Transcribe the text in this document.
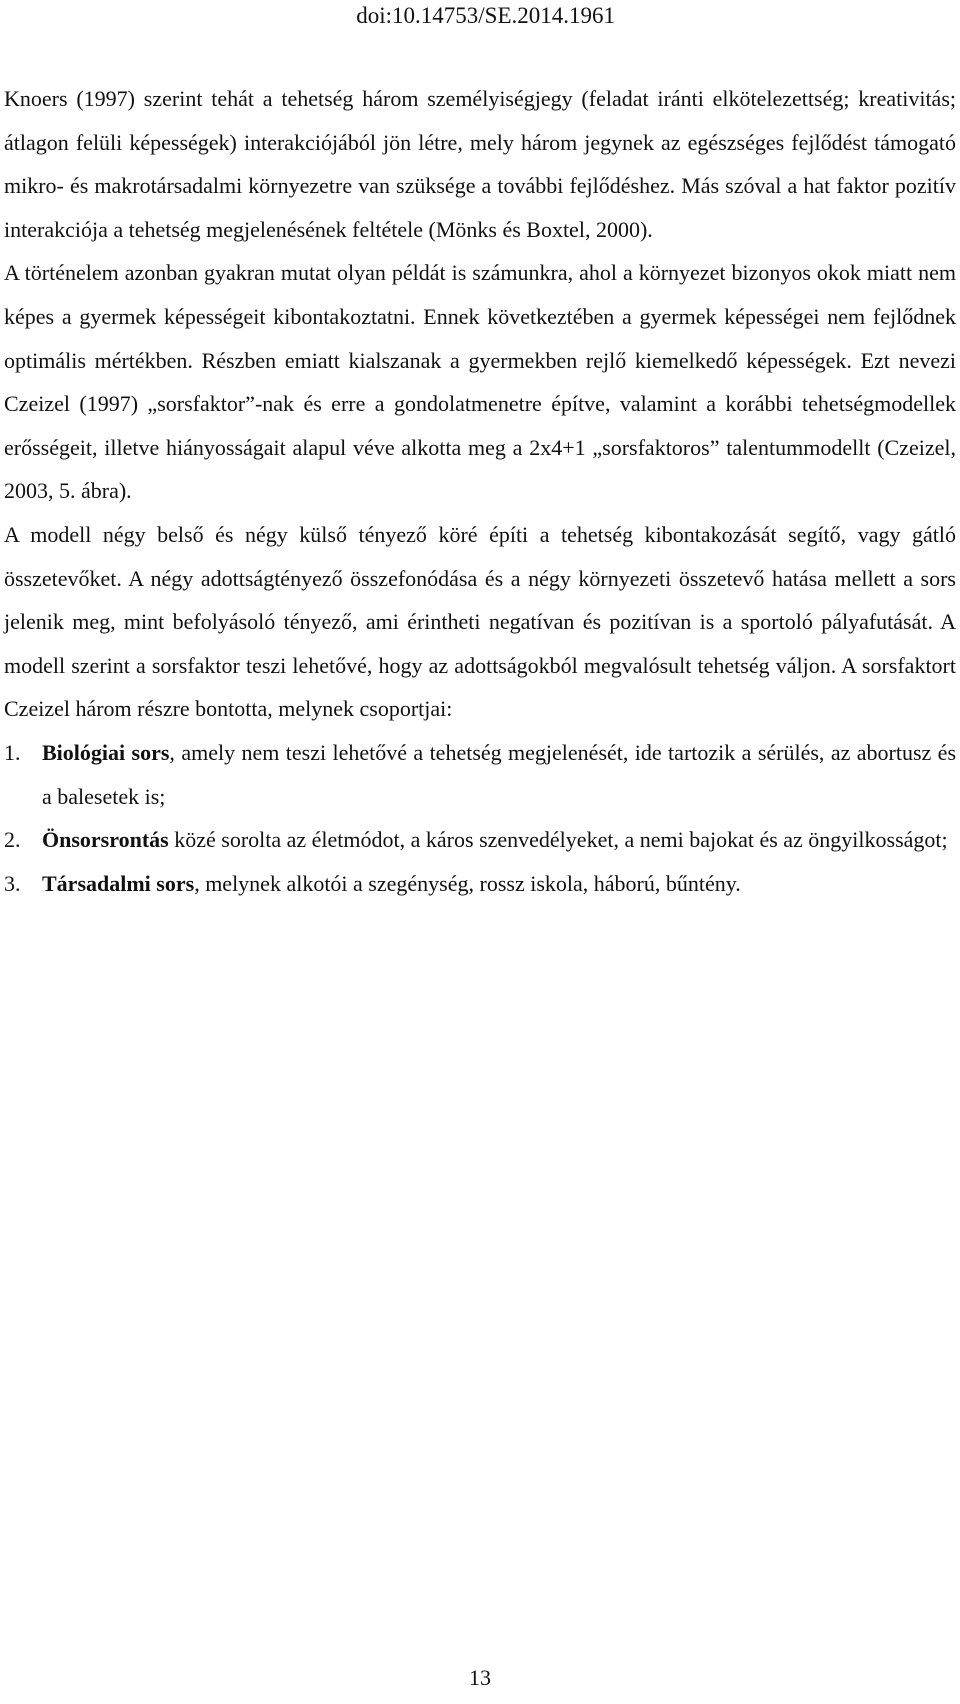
doi:10.14753/SE.2014.1961

Knoers (1997) szerint tehát a tehetség három személyiségjegy (feladat iránti elkötelezettség; kreativitás; átlagon felüli képességek) interakciójából jön létre, mely három jegynek az egészséges fejlődést támogató mikro- és makrotársadalmi környezetre van szüksége a további fejlődéshez. Más szóval a hat faktor pozitív interakciója a tehetség megjelenésének feltétele (Mönks és Boxtel, 2000).

A történelem azonban gyakran mutat olyan példát is számunkra, ahol a környezet bizonyos okok miatt nem képes a gyermek képességeit kibontakoztatni. Ennek következtében a gyermek képességei nem fejlődnek optimális mértékben. Részben emiatt kialszanak a gyermekben rejlő kiemelkedő képességek. Ezt nevezi Czeizel (1997) „sorsfaktor”-nak és erre a gondolatmenetre építve, valamint a korábbi tehetségmodellek erősségeit, illetve hiányosságait alapul véve alkotta meg a 2x4+1 „sorsfaktoros” talentummodellt (Czeizel, 2003, 5. ábra).

A modell négy belső és négy külső tényező köré építi a tehetség kibontakozását segítő, vagy gátló összetevőket. A négy adottságtényező összefonódása és a négy környezeti összetevő hatása mellett a sors jelenik meg, mint befolyásoló tényező, ami érintheti negatívan és pozitívan is a sportoló pályafutását. A modell szerint a sorsfaktor teszi lehetővé, hogy az adottságokból megvalósult tehetség váljon. A sorsfaktort Czeizel három részre bontotta, melynek csoportjai:

1. Biológiai sors, amely nem teszi lehetővé a tehetség megjelenését, ide tartozik a sérülés, az abortusz és a balesetek is;
2. Önsorsrontás közé sorolta az életmódot, a káros szenvedélyeket, a nemi bajokat és az öngyilkosságot;
3. Társadalmi sors, melynek alkotói a szegénység, rossz iskola, háború, bűntény.
13
